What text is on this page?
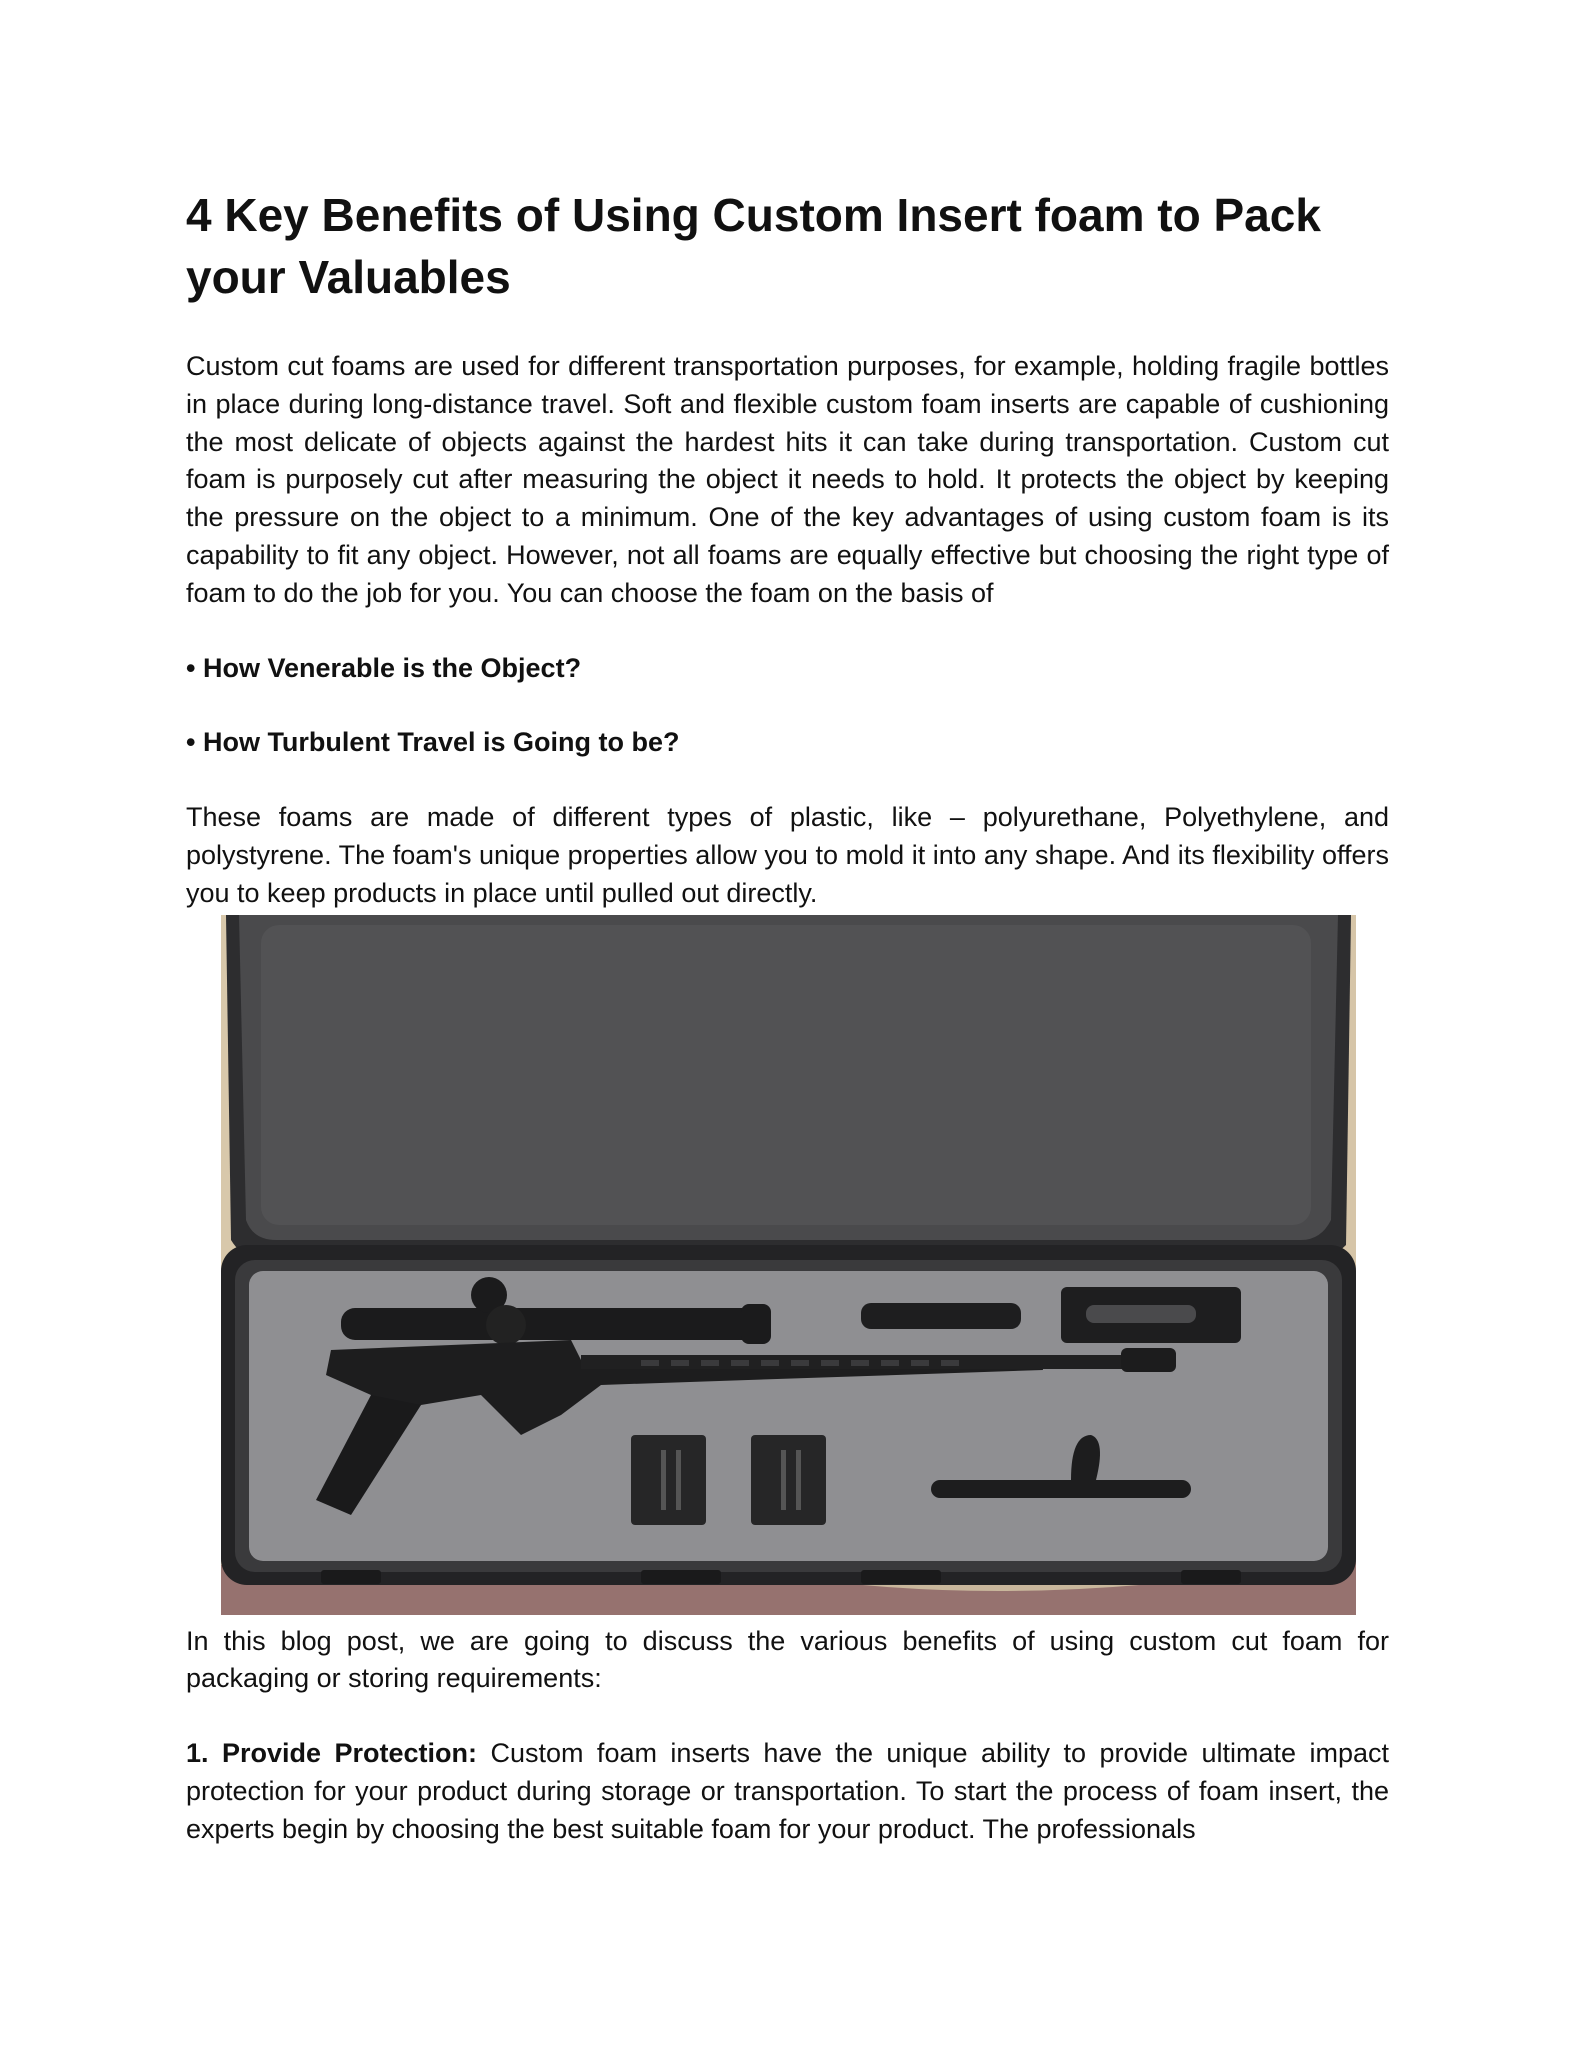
4 Key Benefits of Using Custom Insert foam to Pack your Valuables

Custom cut foams are used for different transportation purposes, for example, holding fragile bottles in place during long-distance travel. Soft and flexible custom foam inserts are capable of cushioning the most delicate of objects against the hardest hits it can take during transportation. Custom cut foam is purposely cut after measuring the object it needs to hold. It protects the object by keeping the pressure on the object to a minimum. One of the key advantages of using custom foam is its capability to fit any object. However, not all foams are equally effective but choosing the right type of foam to do the job for you. You can choose the foam on the basis of

• How Venerable is the Object?

• How Turbulent Travel is Going to be?

These foams are made of different types of plastic, like – polyurethane, Polyethylene, and polystyrene. The foam's unique properties allow you to mold it into any shape. And its flexibility offers you to keep products in place until pulled out directly.

In this blog post, we are going to discuss the various benefits of using custom cut foam for packaging or storing requirements:

1. Provide Protection: Custom foam inserts have the unique ability to provide ultimate impact protection for your product during storage or transportation. To start the process of foam insert, the experts begin by choosing the best suitable foam for your product. The professionals
